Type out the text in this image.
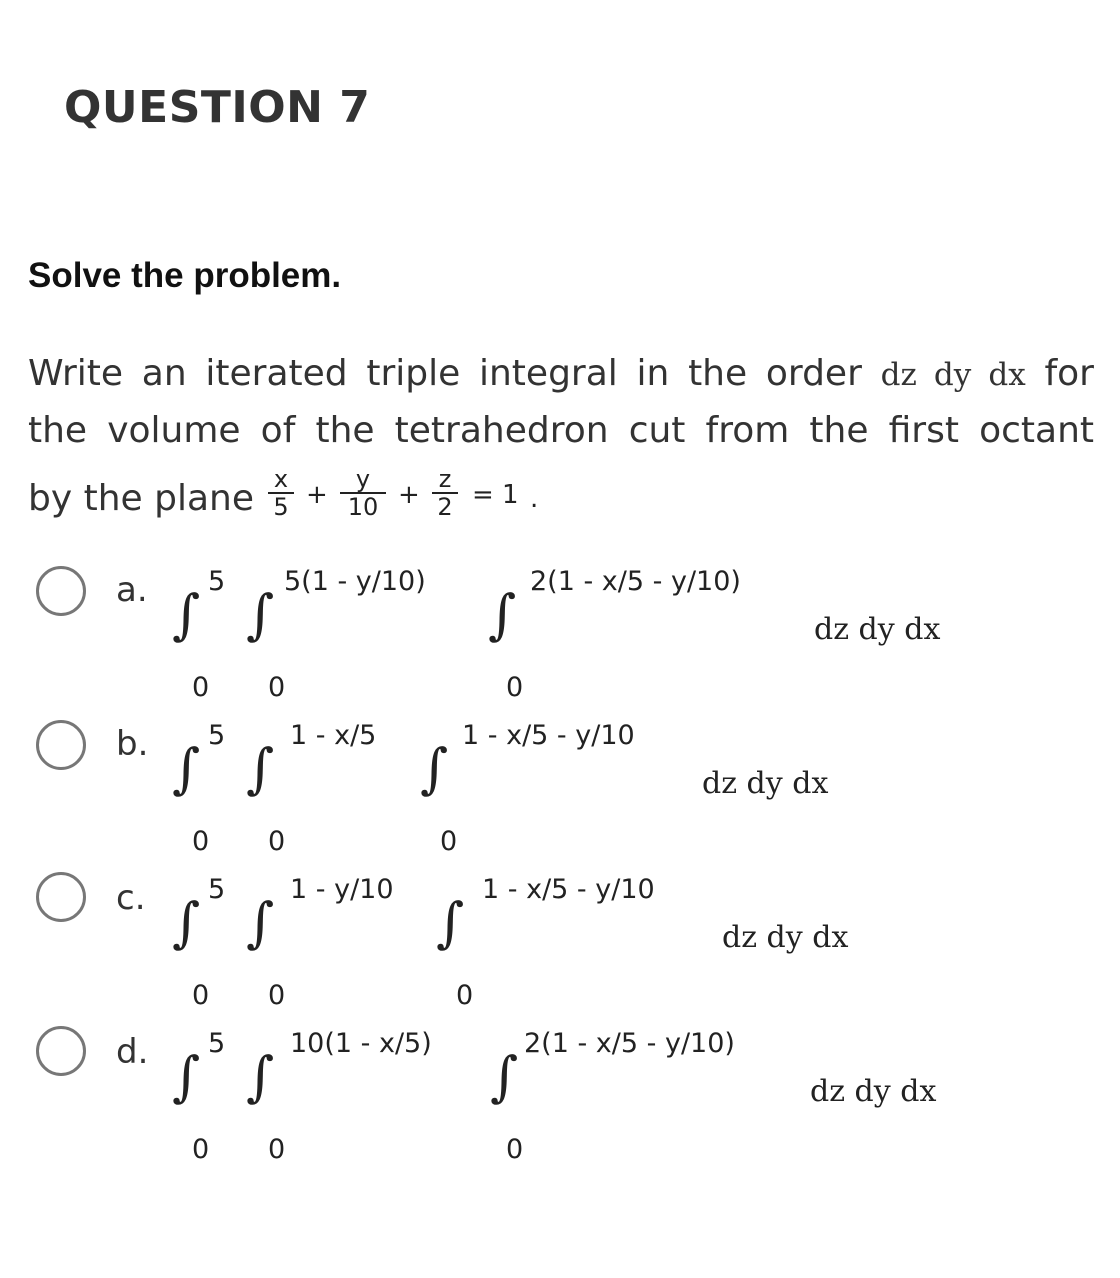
QUESTION 7
Solve the problem.
Write an iterated triple integral in the order dz dy dx for
the volume of the tetrahedron cut from the first octant
by the plane $\frac{x}{5} + \frac{y}{10} + \frac{z}{2} = 1$ .
a. ∫
5
0
∫
5(1 - y/10)
0
∫
2(1 - x/5 - y/10)
0
dz dy dx
b. ∫
5
0
∫
1 - x/5
0
∫
1 - x/5 - y/10
0
dz dy dx
c. ∫
5
0
∫
1 - y/10
0
∫
1 - x/5 - y/10
0
dz dy dx
d. ∫
5
0
∫
10(1 - x/5)
0
∫
2(1 - x/5 - y/10)
0
dz dy dx
